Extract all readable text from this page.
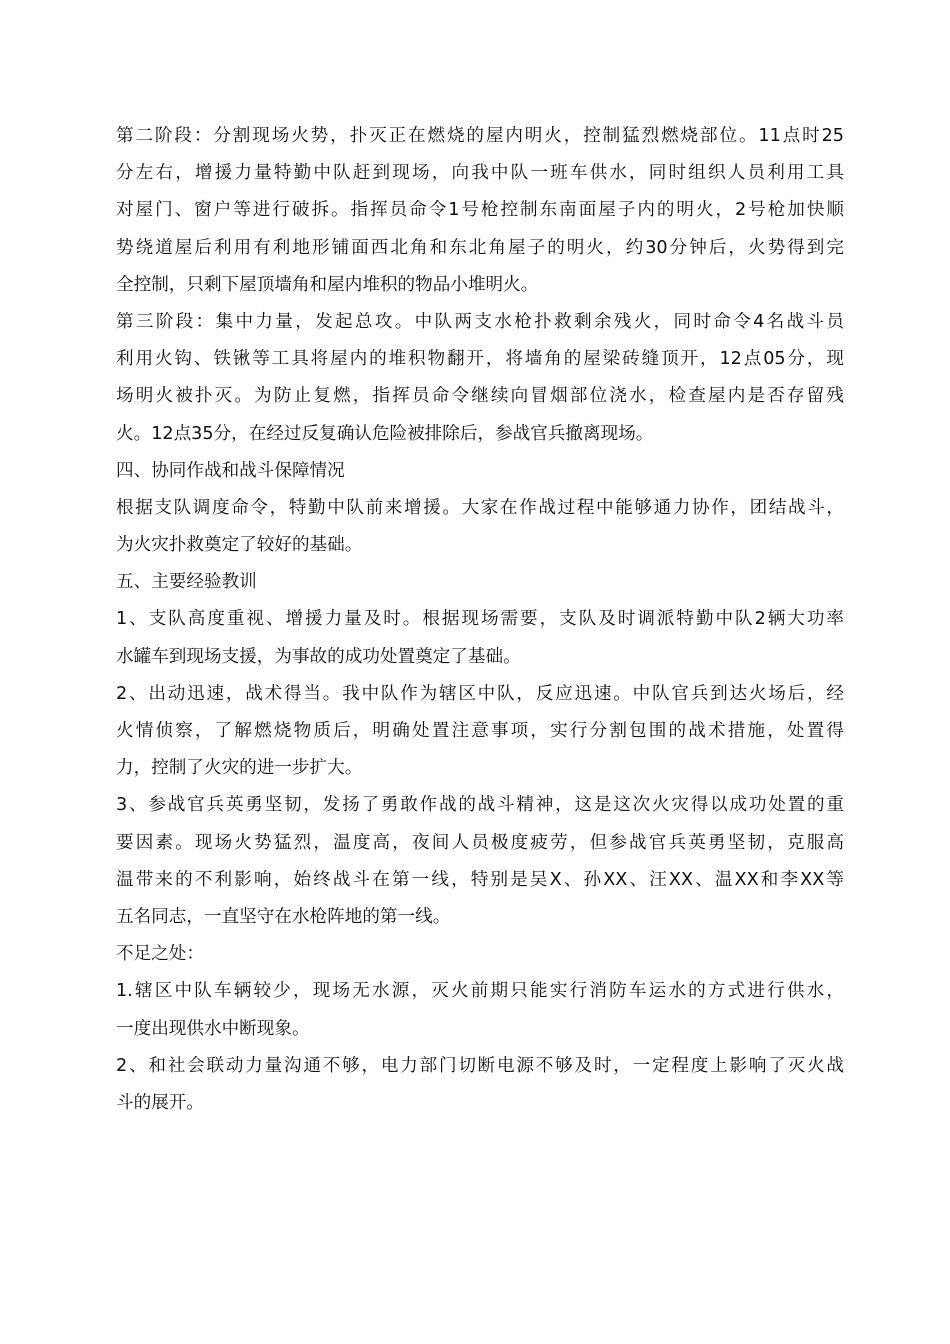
第二阶段：分割现场火势，扑灭正在燃烧的屋内明火，控制猛烈燃烧部位。11点时25
分左右，增援力量特勤中队赶到现场，向我中队一班车供水，同时组织人员利用工具
对屋门、窗户等进行破拆。指挥员命令1号枪控制东南面屋子内的明火，2号枪加快顺
势绕道屋后利用有利地形铺面西北角和东北角屋子的明火，约30分钟后，火势得到完
全控制，只剩下屋顶墙角和屋内堆积的物品小堆明火。
第三阶段：集中力量，发起总攻。中队两支水枪扑救剩余残火，同时命令4名战斗员
利用火钩、铁锹等工具将屋内的堆积物翻开，将墙角的屋梁砖缝顶开，12点05分，现
场明火被扑灭。为防止复燃，指挥员命令继续向冒烟部位浇水，检查屋内是否存留残
火。12点35分，在经过反复确认危险被排除后，参战官兵撤离现场。
四、协同作战和战斗保障情况
根据支队调度命令，特勤中队前来增援。大家在作战过程中能够通力协作，团结战斗，
为火灾扑救奠定了较好的基础。
五、主要经验教训
1、支队高度重视、增援力量及时。根据现场需要，支队及时调派特勤中队2辆大功率
水罐车到现场支援，为事故的成功处置奠定了基础。
2、出动迅速，战术得当。我中队作为辖区中队，反应迅速。中队官兵到达火场后，经
火情侦察，了解燃烧物质后，明确处置注意事项，实行分割包围的战术措施，处置得
力，控制了火灾的进一步扩大。
3、参战官兵英勇坚韧，发扬了勇敢作战的战斗精神，这是这次火灾得以成功处置的重
要因素。现场火势猛烈，温度高，夜间人员极度疲劳，但参战官兵英勇坚韧，克服高
温带来的不利影响，始终战斗在第一线，特别是吴X、孙XX、汪XX、温XX和李XX等
五名同志，一直坚守在水枪阵地的第一线。
不足之处：
1.辖区中队车辆较少，现场无水源，灭火前期只能实行消防车运水的方式进行供水，
一度出现供水中断现象。
2、和社会联动力量沟通不够，电力部门切断电源不够及时，一定程度上影响了灭火战
斗的展开。
